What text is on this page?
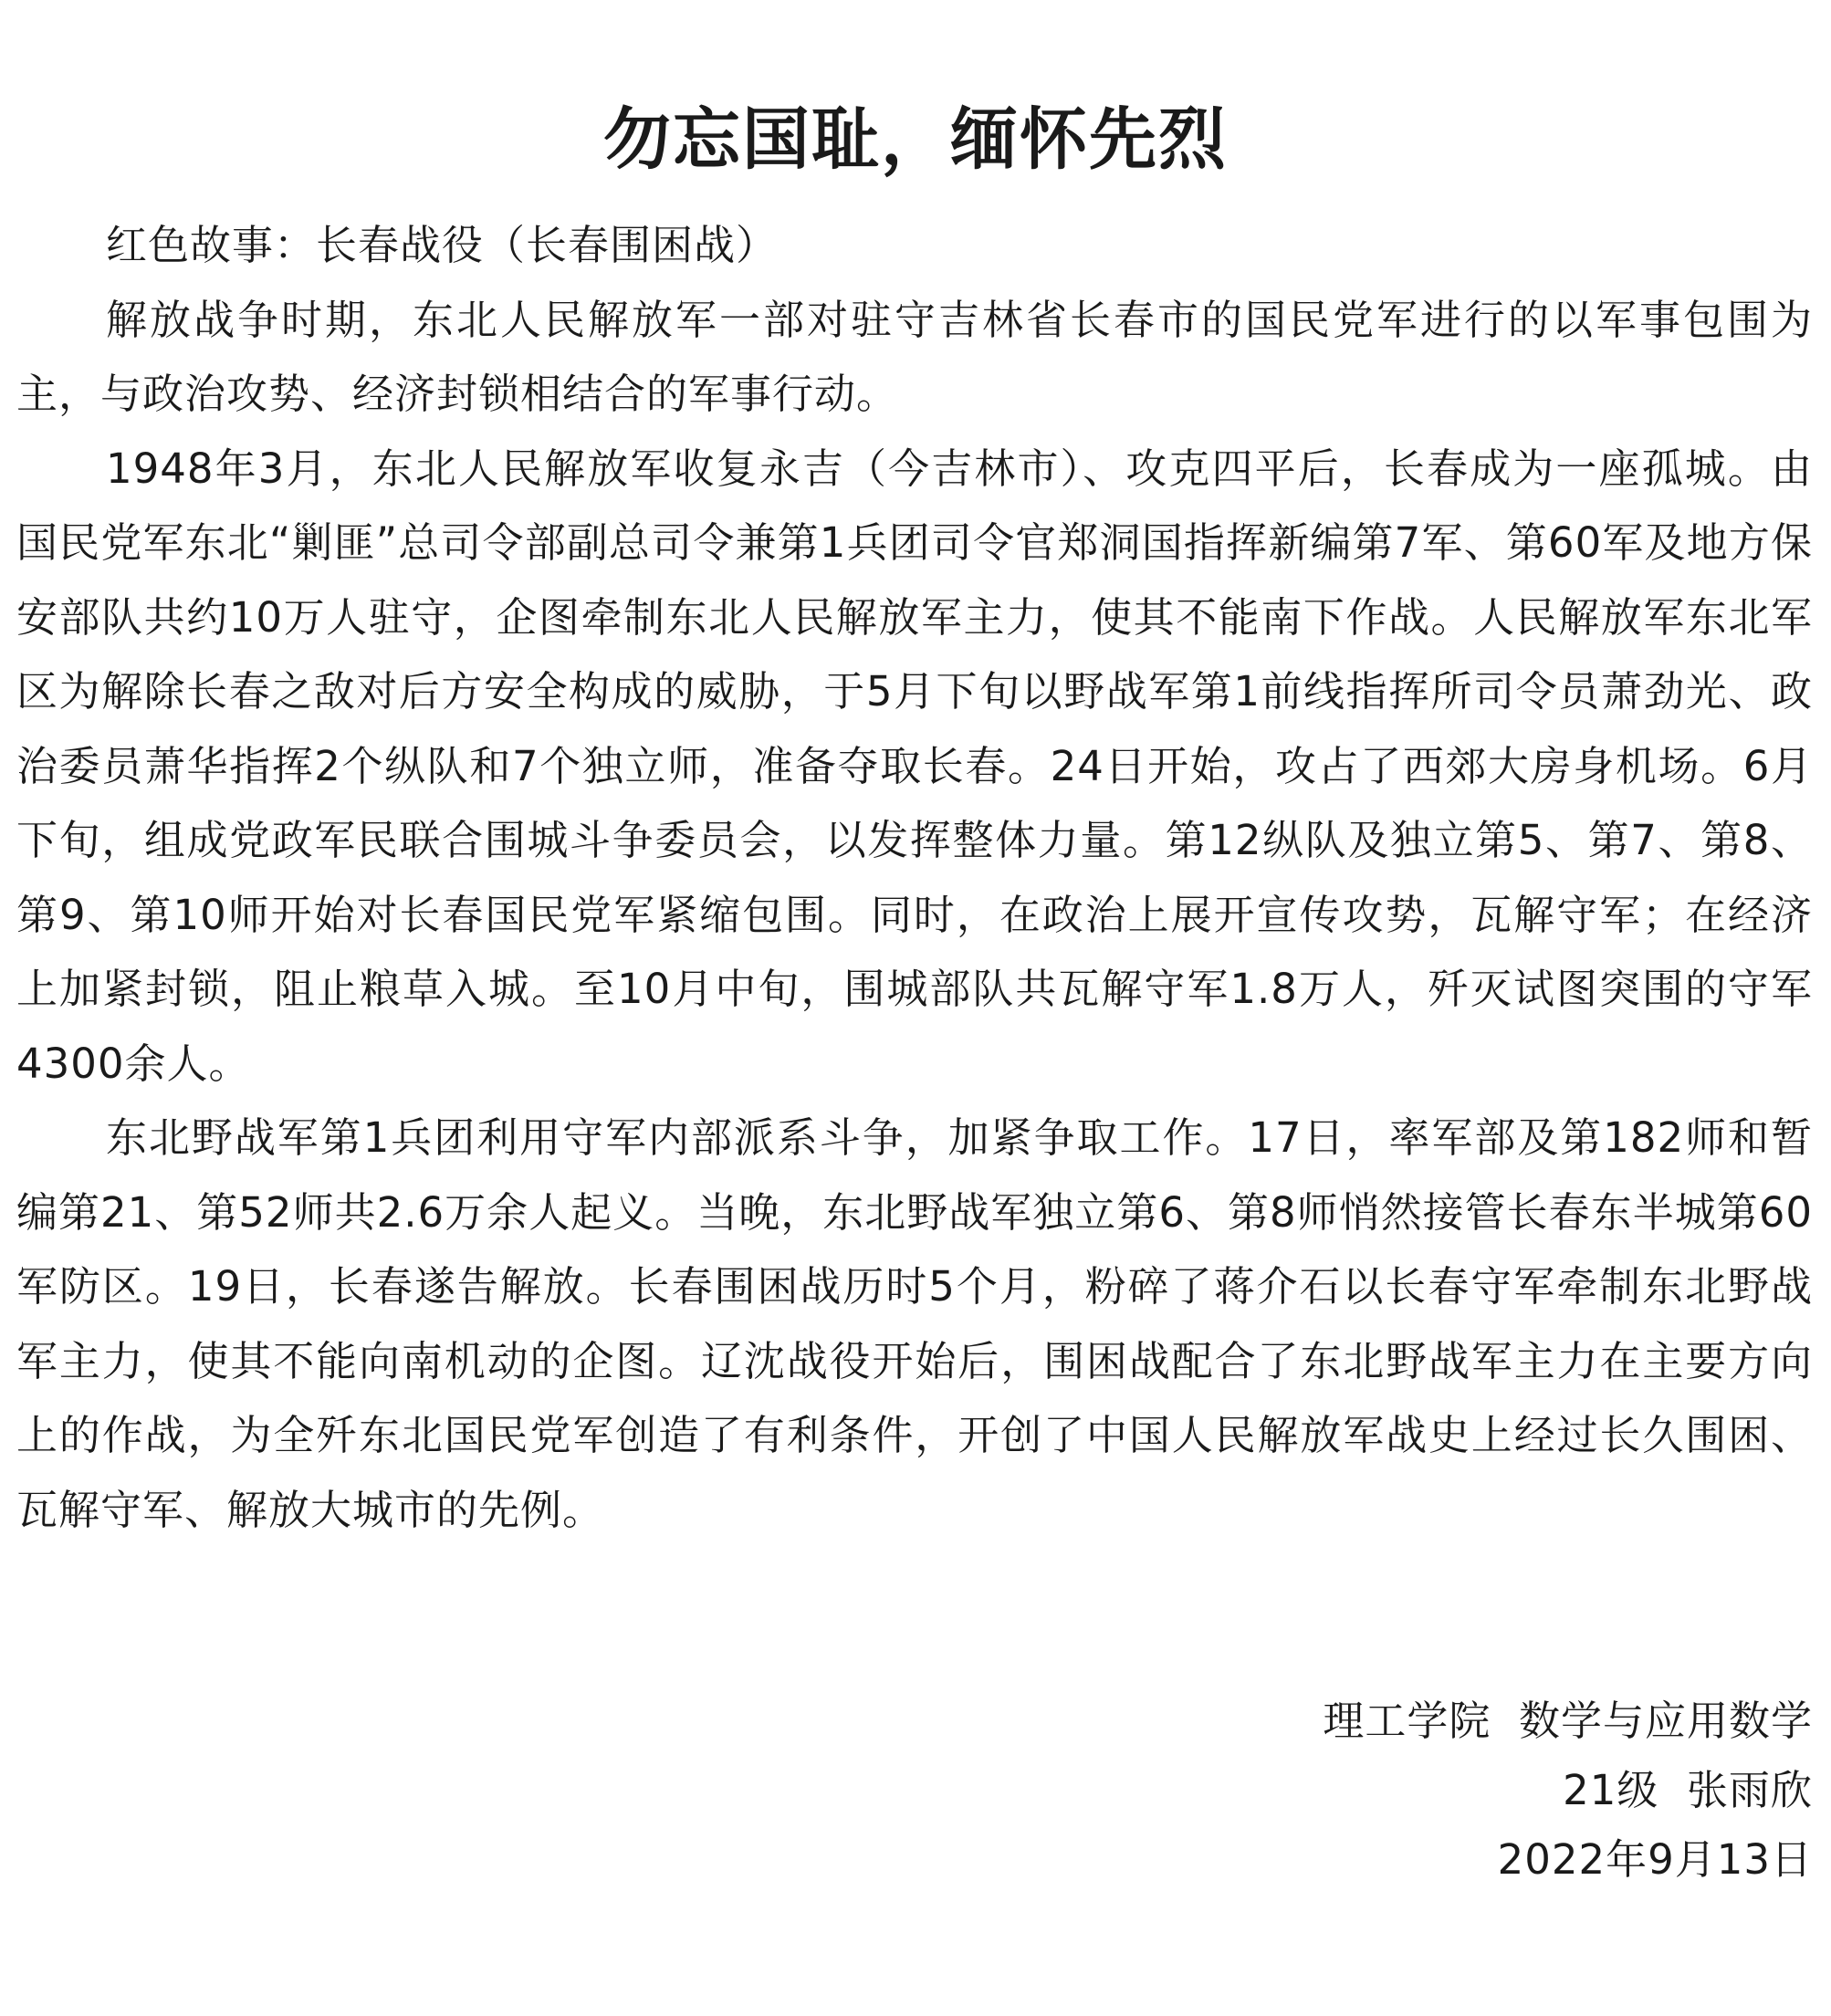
勿忘国耻，缅怀先烈

红色故事：长春战役（长春围困战）

解放战争时期，东北人民解放军一部对驻守吉林省长春市的国民党军进行的以军事包围为主，与政治攻势、经济封锁相结合的军事行动。

1948年3月，东北人民解放军收复永吉（今吉林市）、攻克四平后，长春成为一座孤城。由国民党军东北“剿匪”总司令部副总司令兼第1兵团司令官郑洞国指挥新编第7军、第60军及地方保安部队共约10万人驻守，企图牵制东北人民解放军主力，使其不能南下作战。人民解放军东北军区为解除长春之敌对后方安全构成的威胁，于5月下旬以野战军第1前线指挥所司令员萧劲光、政治委员萧华指挥2个纵队和7个独立师，准备夺取长春。24日开始，攻占了西郊大房身机场。6月下旬，组成党政军民联合围城斗争委员会，以发挥整体力量。第12纵队及独立第5、第7、第8、第9、第10师开始对长春国民党军紧缩包围。同时，在政治上展开宣传攻势，瓦解守军；在经济上加紧封锁，阻止粮草入城。至10月中旬，围城部队共瓦解守军1.8万人，歼灭试图突围的守军4300余人。

东北野战军第1兵团利用守军内部派系斗争，加紧争取工作。17日，率军部及第182师和暂编第21、第52师共2.6万余人起义。当晚，东北野战军独立第6、第8师悄然接管长春东半城第60军防区。19日，长春遂告解放。长春围困战历时5个月，粉碎了蒋介石以长春守军牵制东北野战军主力，使其不能向南机动的企图。辽沈战役开始后，围困战配合了东北野战军主力在主要方向上的作战，为全歼东北国民党军创造了有利条件，开创了中国人民解放军战史上经过长久围困、瓦解守军、解放大城市的先例。

理工学院  数学与应用数学
21级  张雨欣
2022年9月13日
